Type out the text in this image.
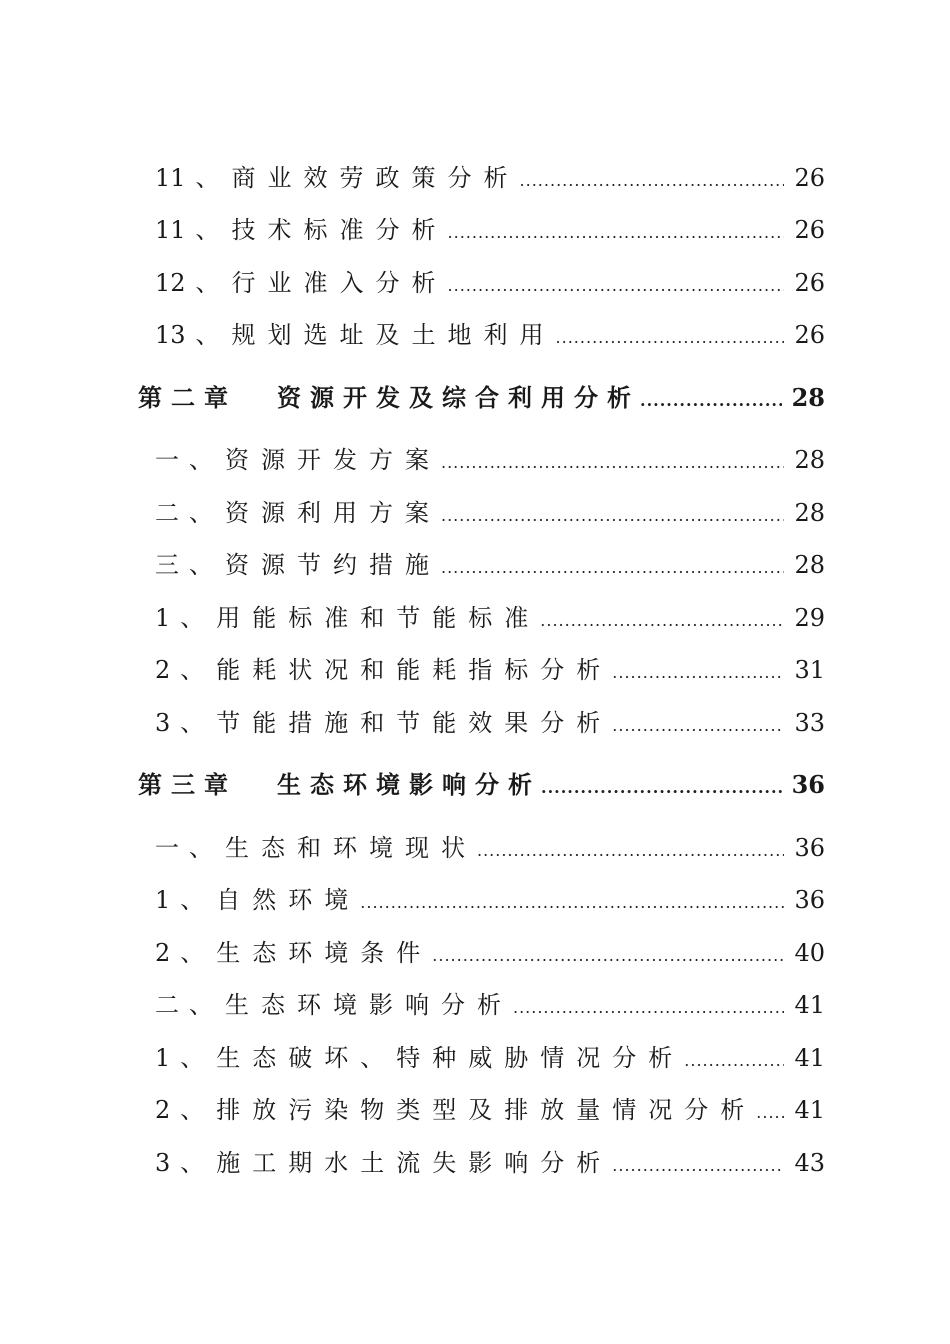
11 、 商业效劳政策分析 .....	26
11 、 技术标准分析 .....	26
12 、 行业准入分析 .....	26
13 、 规划选址及土地利用 .....	26
第二章 资源开发及综合利用分析 .....	28
一 、 资源开发方案 .....	28
二 、 资源利用方案 .....	28
三 、 资源节约措施 .....	28
1 、 用能标准和节能标准 .....	29
2 、 能耗状况和能耗指标分析 .....	31
3 、 节能措施和节能效果分析 .....	33
第三章 生态环境影响分析 .....	36
一 、 生态和环境现状 .....	36
1 、 自然环境 .....	36
2 、 生态环境条件 .....	40
二 、 生态环境影响分析 .....	41
1 、 生态破坏、特种威胁情况分析 .....	41
2 、 排放污染物类型及排放量情况分析 ..... 41
3 、 施工期水土流失影响分析 .....	43
